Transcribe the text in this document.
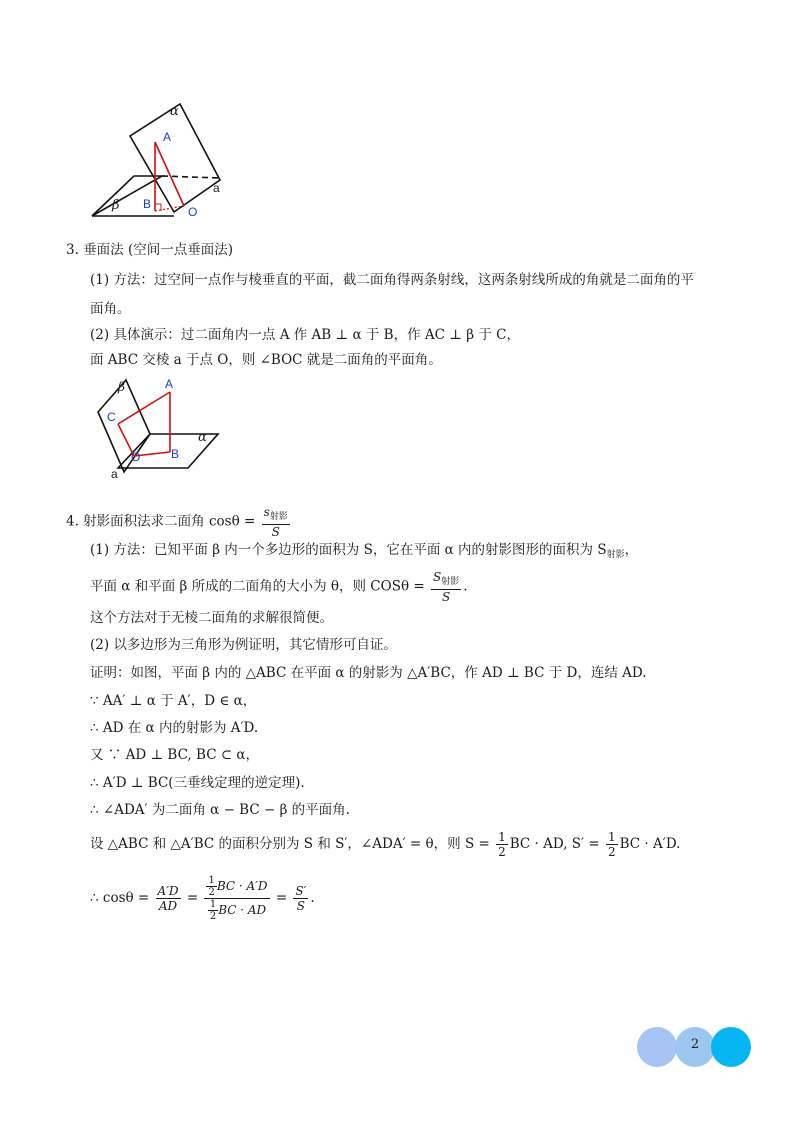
α
A
β B
O
a
3. 垂面法 (空间一点垂面法)
(1) 方法：过空间一点作与棱垂直的平面，截二面角得两条射线，这两条射线所成的角就是二面角的平
面角。
(2) 具体演示：过二面角内一点 A 作 AB ⊥ α 于 B，作 AC ⊥ β 于 C，
面 ABC 交棱 a 于点 O，则 ∠BOC 就是二面角的平面角。
β	A
C
α
O	B
a
4. 射影面积法求二面角 $\cos\theta = \frac{s_{射影}}{S}$
(1) 方法：已知平面 β 内一个多边形的面积为 S，它在平面 α 内的射影图形的面积为 $S_{射影}$，
平面 α 和平面 β 所成的二面角的大小为 θ，则 $COS\theta = \frac{S_{射影}}{S}$ .
这个方法对于无棱二面角的求解很简便。
(2) 以多边形为三角形为例证明，其它情形可自证。
证明：如图，平面 β 内的 △ABC 在平面 α 的射影为 △A′BC，作 AD ⊥ BC 于 D，连结 AD.
∵ AA′ ⊥ α 于 A′，D ∈ α，
∴ AD 在 α 内的射影为 A′D.
又 ∵ AD ⊥ BC, BC ⊂ α，
∴ A′D ⊥ BC(三垂线定理的逆定理).
∴ ∠ADA′ 为二面角 α − BC − β 的平面角.
设 △ABC 和 △A′BC 的面积分别为 S 和 S′，∠ADA′ = θ，则 $S = \frac{1}{2}$ BC · AD, $S' = \frac{1}{2}$ BC · A′D.
∴ $\cos\theta = \frac{A'D}{AD} = \frac{\frac{1}{2}BC \cdot A'D}{\frac{1}{2}BC \cdot AD} = \frac{S'}{S}$ .
2
